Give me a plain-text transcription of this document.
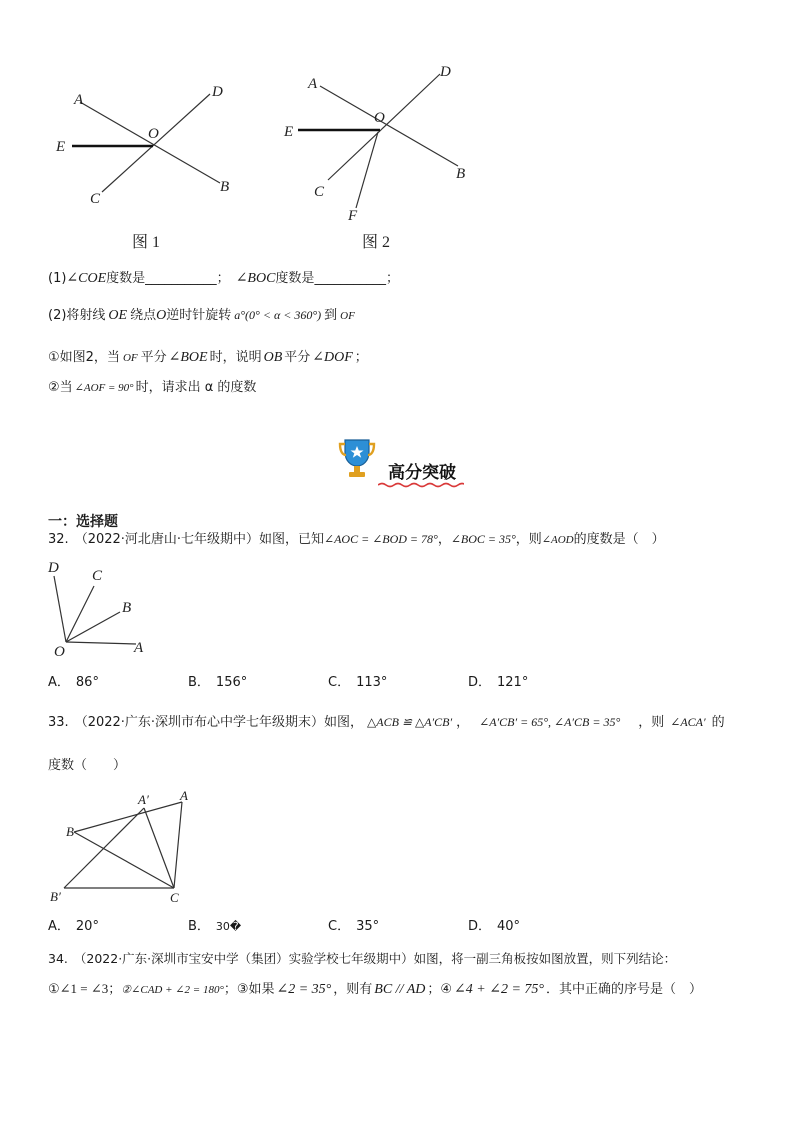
A	D
O
E
C
B
图 1
A
D
O
E
C
B
F
图 2
(1)∠COE度数是___________； ∠BOC度数是___________；
(2)将射线 OE 绕点O逆时针旋转 a°(0° < α < 360°) 到 OF
①如图2，当 OF 平分 ∠BOE 时，说明 OB 平分 ∠DOF ；
②当 ∠AOF = 90° 时，请求出 α 的度数
高分突破
一：选择题
32. （2022·河北唐山·七年级期中）如图，已知∠AOC = ∠BOD = 78°，∠BOC = 35°，则∠AOD的度数是（　）
D C
B
O	A
A． 86°	B． 156°	C． 113°	D． 121°
33. （2022·广东·深圳市布心中学七年级期末）如图， △ACB ≌ △A′CB′ ， ∠A′CB′ = 65°, ∠A′CB = 35° ，则 ∠ACA′ 的
度数（　　）
A′ A
B
B′	C
A． 20°	B． 30�	C． 35°	D． 40°
34. （2022·广东·深圳市宝安中学（集团）实验学校七年级期中）如图，将一副三角板按如图放置，则下列结论：
①∠1 = ∠3；②∠CAD + ∠2 = 180°；③如果 ∠2 = 35° ，则有 BC // AD ；④ ∠4 + ∠2 = 75° ．其中正确的序号是（　）
